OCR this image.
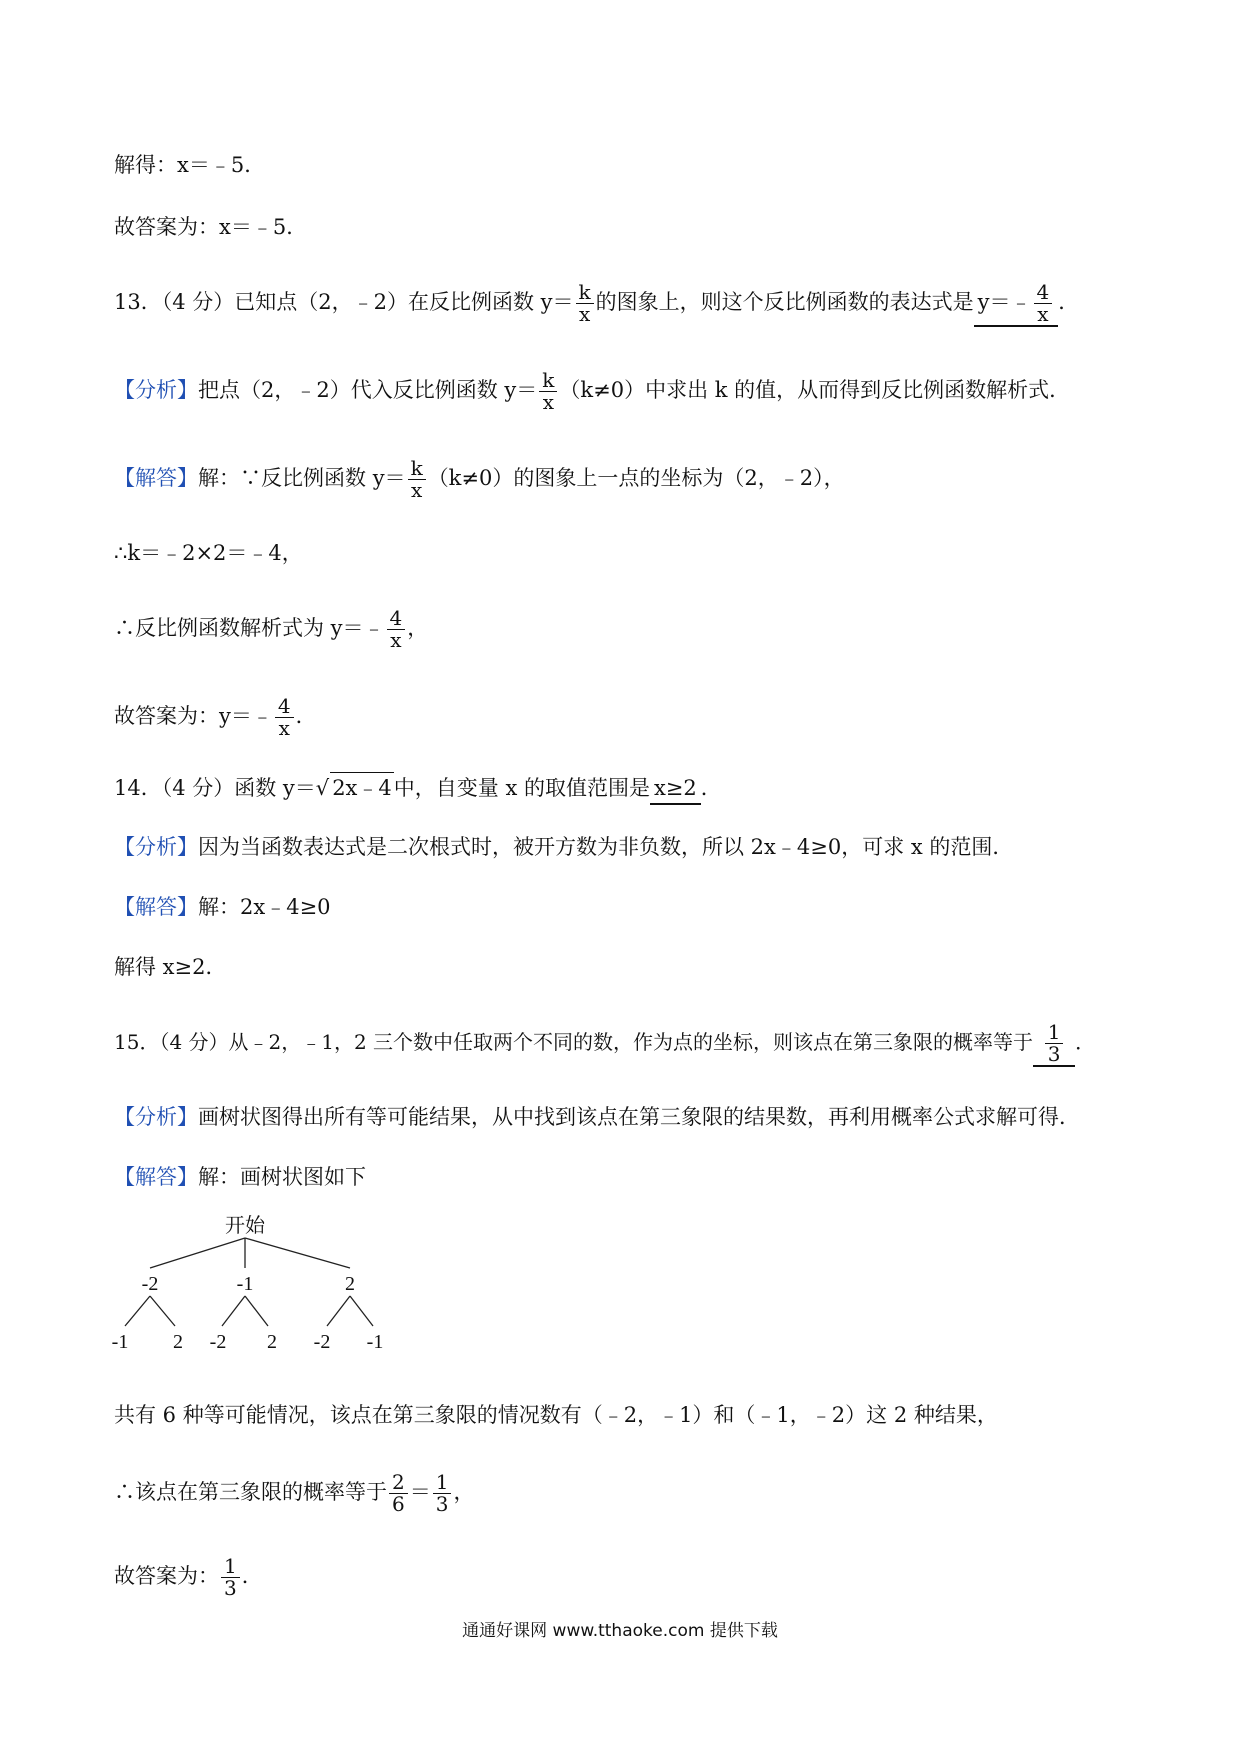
解得：x＝﹣5．
故答案为：x＝﹣5．
13．（4 分）已知点（2，﹣2）在反比例函数 $y= \frac{k}{x}$ 的图象上，则这个反比例函数的表达式是 y＝﹣ $\frac{4}{x}$ ．
【分析】把点（2，﹣2）代入反比例函数 $y= \frac{k}{x} (k\ne 0)$中求出 k 的值，从而得到反比例函数解析式．
【解答】解：∵反比例函数 $y= \frac{k}{x} (k\ne 0)$的图象上一点的坐标为（2，﹣2），
∴k＝﹣2×2＝﹣4，
∴反比例函数解析式为 y＝﹣ $\frac{4}{x}$ ，
故答案为：y＝﹣ $\frac{4}{x}$ ．
14．（4 分）函数 y＝√ 2x﹣4中，自变量 x 的取值范围是 x≥2 ．
【分析】因为当函数表达式是二次根式时，被开方数为非负数，所以 2x﹣4≥0，可求 x 的范围．
【解答】解：2x﹣4≥0
解得 x≥2．
15．（4 分）从﹣2，﹣1，2 三个数中任取两个不同的数，作为点的坐标，则该点在第三象限的概率等于 $\frac{1}{3}$ ．
【分析】画树状图得出所有等可能结果，从中找到该点在第三象限的结果数，再利用概率公式求解可得．
【解答】解：画树状图如下
开始
-2	-1	2
-1 2 -2 2 -2 -1
共有 6 种等可能情况，该点在第三象限的情况数有（﹣2，﹣1）和（﹣1，﹣2）这 2 种结果，
∴该点在第三象限的概率等于 $\frac{2}{6} = \frac{1}{3}$ ，
故答案为： $\frac{1}{3}$ ．
通通好课网 www.tthaoke.com 提供下载
